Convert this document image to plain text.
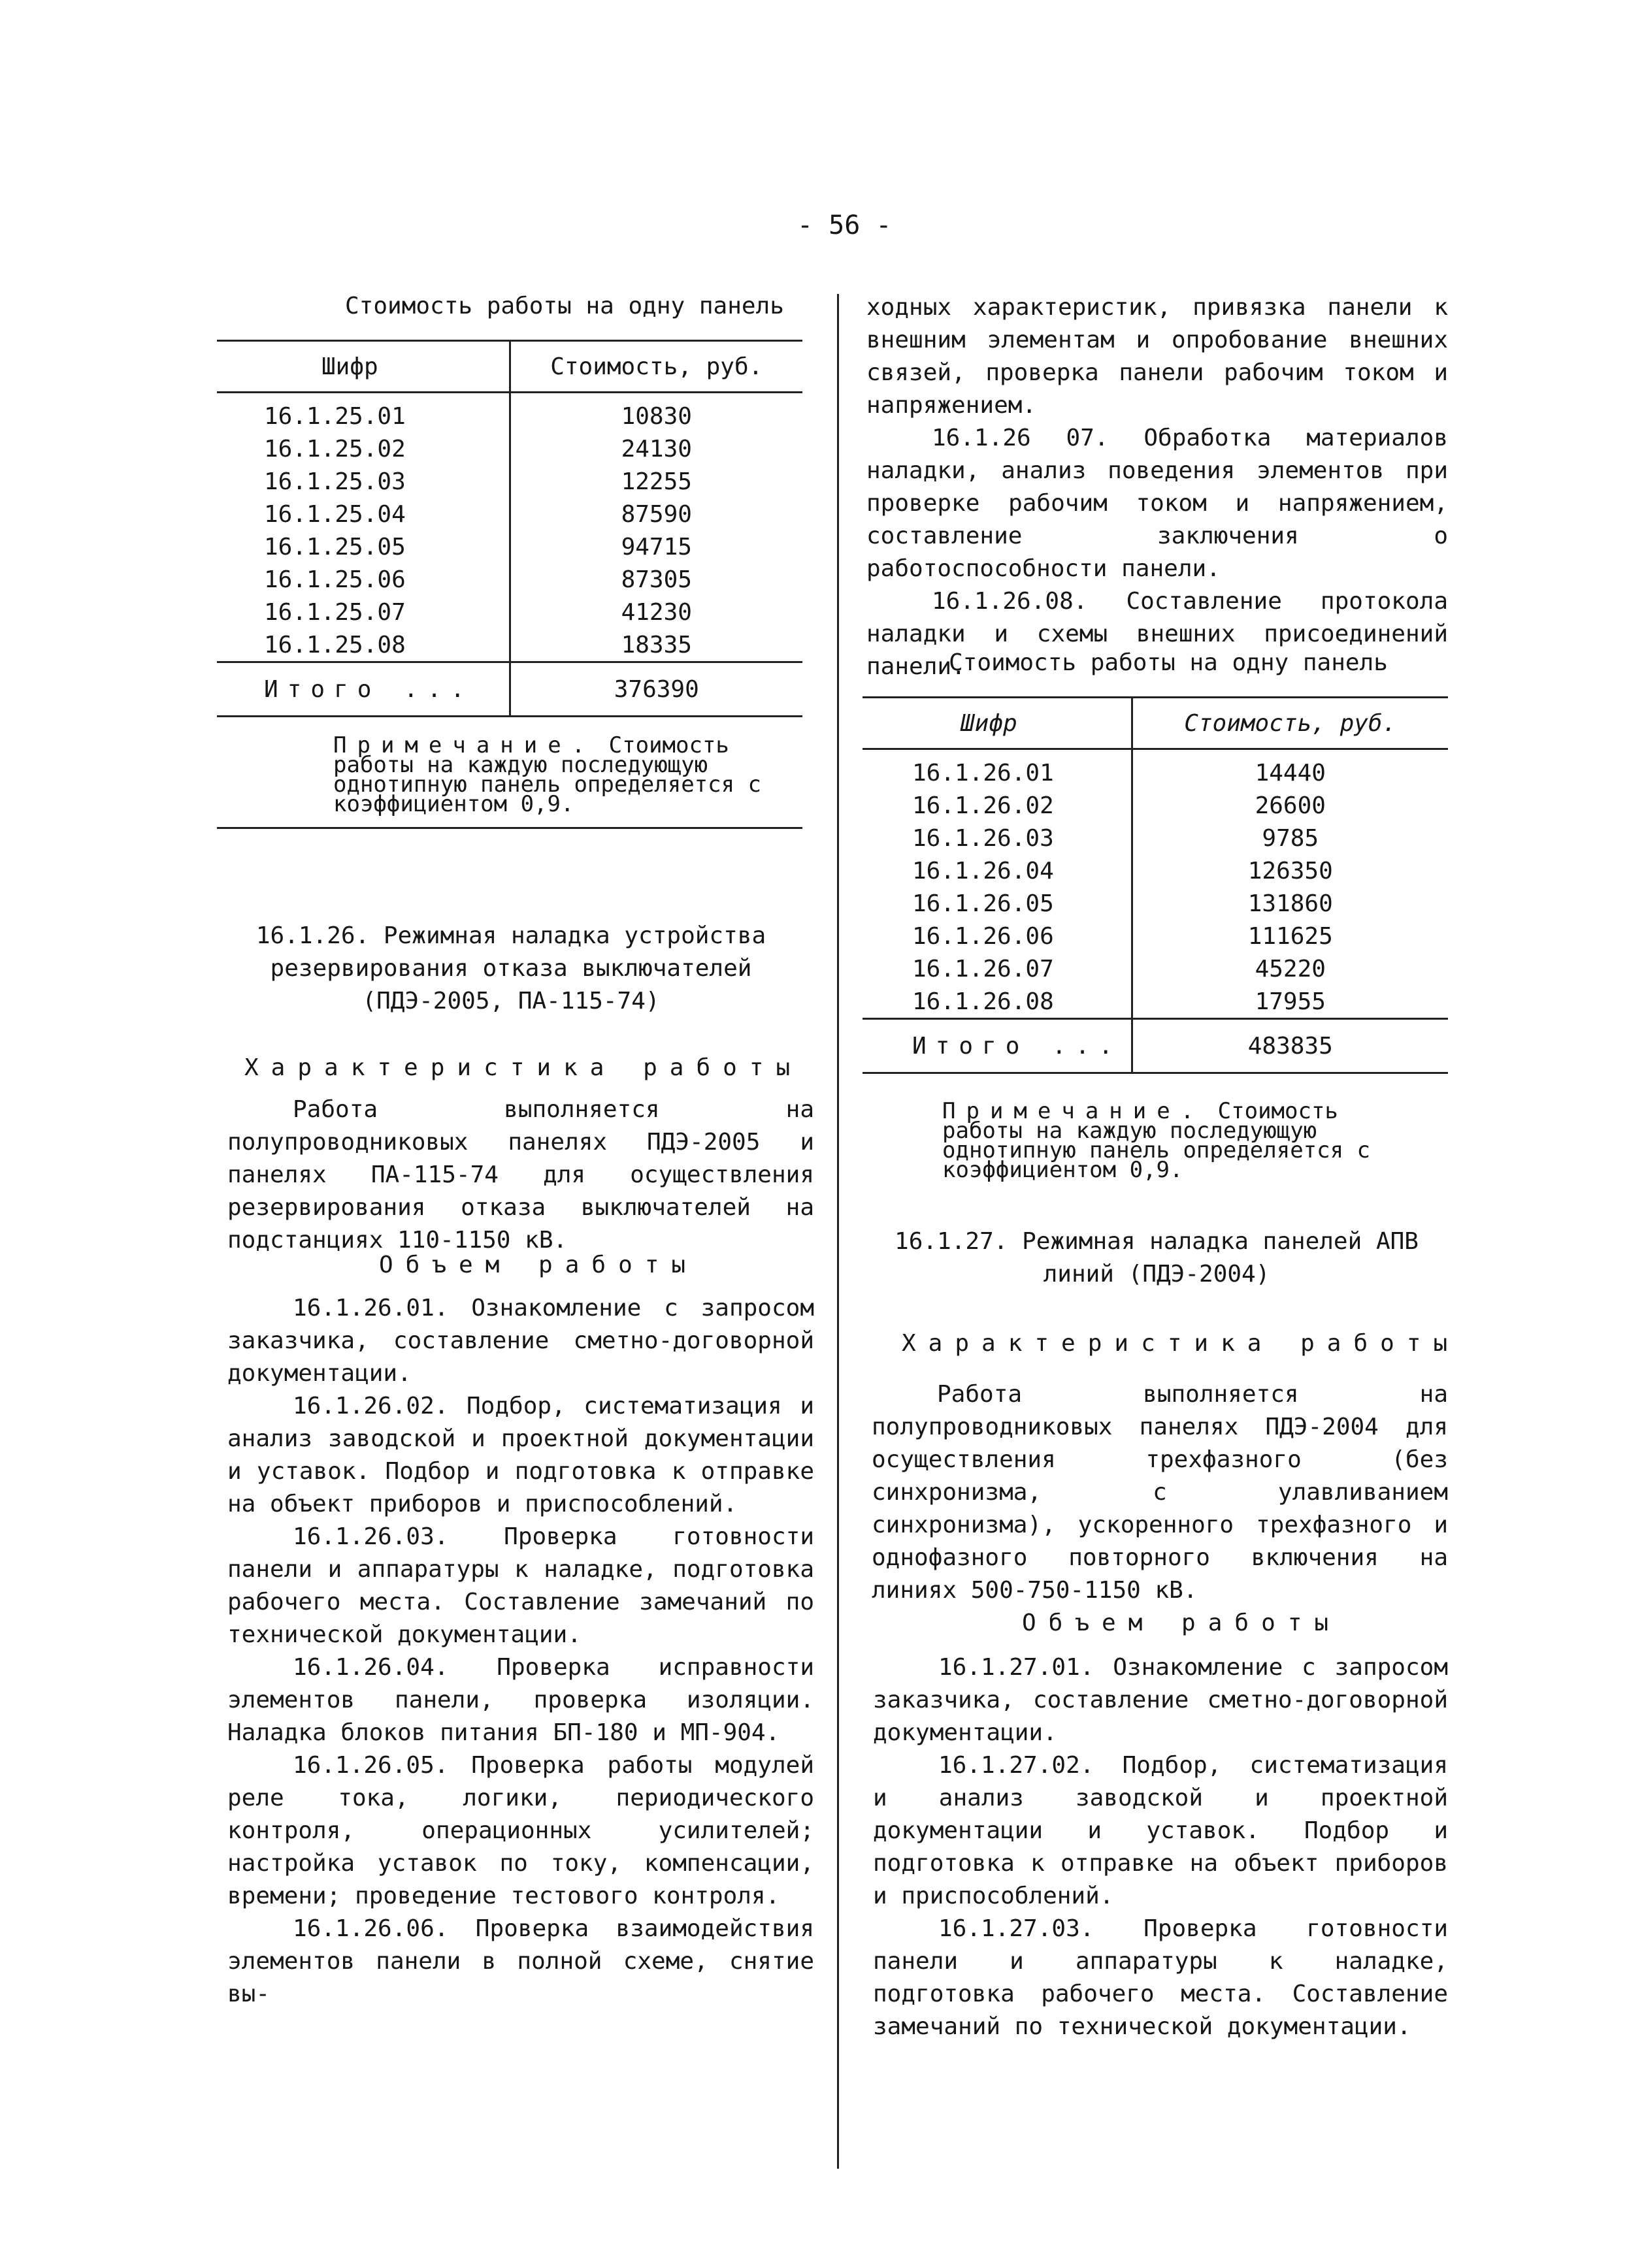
- 56 -
Стоимость работы на одну панель
Шифр	Стоимость, руб.
16.1.25.01	10830
16.1.25.02	24130
16.1.25.03	12255
16.1.25.04	87590
16.1.25.05	94715
16.1.25.06	87305
16.1.25.07	41230
16.1.25.08	18335
Итого ...	376390
Примечание. Стоимость работы на каждую последующую однотипную панель определяется с коэффициентом 0,9.
16.1.26. Режимная наладка устройства
резервирования отказа выключателей
(ПДЭ-2005, ПА-115-74)
Характеристика работы

Работа выполняется на полупроводниковых панелях ПДЭ-2005 и панелях ПА-115-74 для осуществления резервирования отказа выключателей на подстанциях 110-1150 кВ.

Объем работы

16.1.26.01. Ознакомление с запросом заказчика, составление сметно-договорной документации.

16.1.26.02. Подбор, систематизация и анализ заводской и проектной документации и уставок. Подбор и подготовка к отправке на объект приборов и приспособлений.

16.1.26.03. Проверка готовности панели и аппаратуры к наладке, подготовка рабочего места. Составление замечаний по технической документации.

16.1.26.04. Проверка исправности элементов панели, проверка изоляции. Наладка блоков питания БП-180 и МП-904.

16.1.26.05. Проверка работы модулей реле тока, логики, периодического контроля, операционных усилителей; настройка уставок по току, компенсации, времени; проведение тестового контроля.

16.1.26.06. Проверка взаимодействия элементов панели в полной схеме, снятие вы-

ходных характеристик, привязка панели к внешним элементам и опробование внешних связей, проверка панели рабочим током и напряжением.

16.1.26 07. Обработка материалов наладки, анализ поведения элементов при проверке рабочим током и напряжением, составление заключения о работоспособности панели.

16.1.26.08. Составление протокола наладки и схемы внешних присоединений панели.

Стоимость работы на одну панель
Шифр	Стоимость, руб.
16.1.26.01	14440
16.1.26.02	26600
16.1.26.03	9785
16.1.26.04	126350
16.1.26.05	131860
16.1.26.06	111625
16.1.26.07	45220
16.1.26.08	17955
Итого ...	483835
Примечание. Стоимость работы на каждую последующую однотипную панель определяется с коэффициентом 0,9.
16.1.27. Режимная наладка панелей АПВ
линий (ПДЭ-2004)
Характеристика работы

Работа выполняется на полупроводниковых панелях ПДЭ-2004 для осуществления трехфазного (без синхронизма, с улавливанием синхронизма), ускоренного трехфазного и однофазного повторного включения на линиях 500-750-1150 кВ.

Объем работы

16.1.27.01. Ознакомление с запросом заказчика, составление сметно-договорной документации.

16.1.27.02. Подбор, систематизация и анализ заводской и проектной документации и уставок. Подбор и подготовка к отправке на объект приборов и приспособлений.

16.1.27.03. Проверка готовности панели и аппаратуры к наладке, подготовка рабочего места. Составление замечаний по технической документации.
